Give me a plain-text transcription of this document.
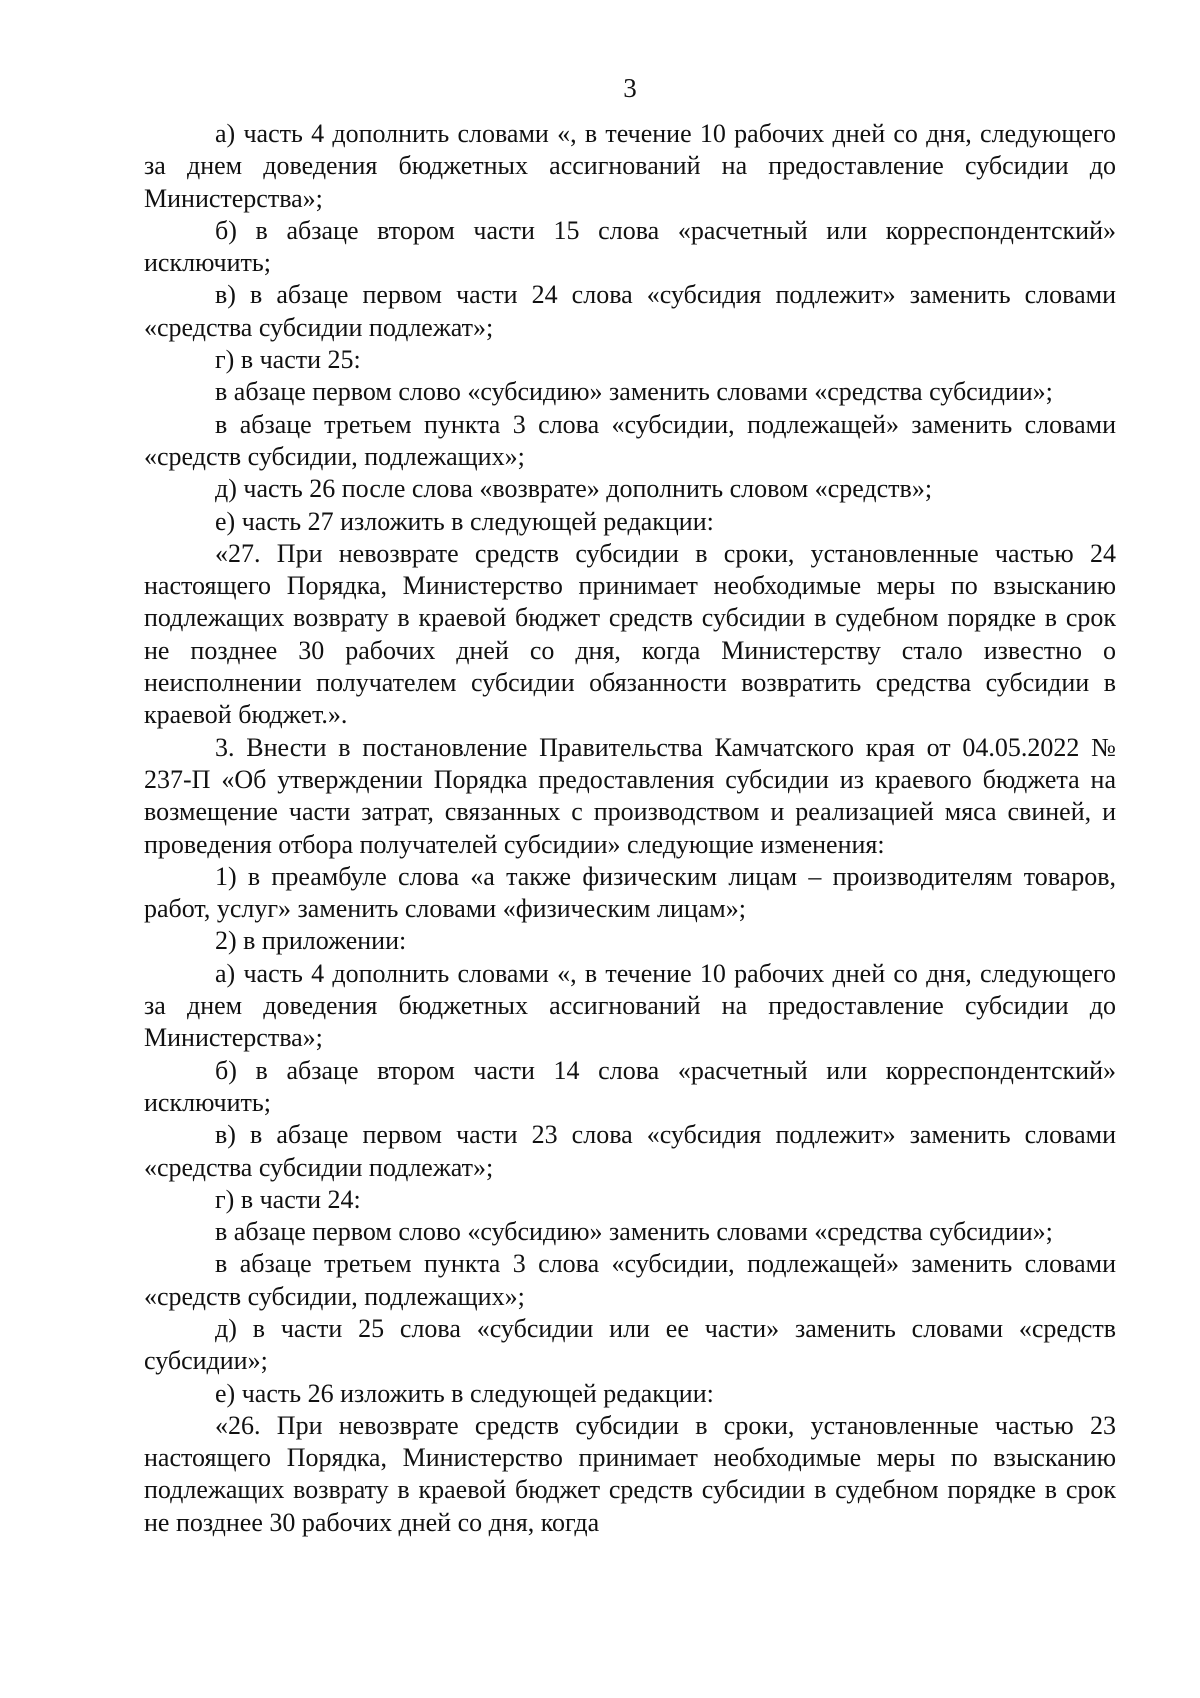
3

а) часть 4 дополнить словами «, в течение 10 рабочих дней со дня, следующего за днем доведения бюджетных ассигнований на предоставление субсидии до Министерства»;

б) в абзаце втором части 15 слова «расчетный или корреспондентский» исключить;

в) в абзаце первом части 24 слова «субсидия подлежит» заменить словами «средства субсидии подлежат»;

г) в части 25:

в абзаце первом слово «субсидию» заменить словами «средства субсидии»;

в абзаце третьем пункта 3 слова «субсидии, подлежащей» заменить словами «средств субсидии, подлежащих»;

д) часть 26 после слова «возврате» дополнить словом «средств»;

е) часть 27 изложить в следующей редакции:

«27. При невозврате средств субсидии в сроки, установленные частью 24 настоящего Порядка, Министерство принимает необходимые меры по взысканию подлежащих возврату в краевой бюджет средств субсидии в судебном порядке в срок не позднее 30 рабочих дней со дня, когда Министерству стало известно о неисполнении получателем субсидии обязанности возвратить средства субсидии в краевой бюджет.».

3. Внести в постановление Правительства Камчатского края от 04.05.2022 № 237-П «Об утверждении Порядка предоставления субсидии из краевого бюджета на возмещение части затрат, связанных с производством и реализацией мяса свиней, и проведения отбора получателей субсидии» следующие изменения:

1) в преамбуле слова «а также физическим лицам – производителям товаров, работ, услуг» заменить словами «физическим лицам»;

2) в приложении:

а) часть 4 дополнить словами «, в течение 10 рабочих дней со дня, следующего за днем доведения бюджетных ассигнований на предоставление субсидии до Министерства»;

б) в абзаце втором части 14 слова «расчетный или корреспондентский» исключить;

в) в абзаце первом части 23 слова «субсидия подлежит» заменить словами «средства субсидии подлежат»;

г) в части 24:

в абзаце первом слово «субсидию» заменить словами «средства субсидии»;

в абзаце третьем пункта 3 слова «субсидии, подлежащей» заменить словами «средств субсидии, подлежащих»;

д) в части 25 слова «субсидии или ее части» заменить словами «средств субсидии»;

е) часть 26 изложить в следующей редакции:

«26. При невозврате средств субсидии в сроки, установленные частью 23 настоящего Порядка, Министерство принимает необходимые меры по взысканию подлежащих возврату в краевой бюджет средств субсидии в судебном порядке в срок не позднее 30 рабочих дней со дня, когда
